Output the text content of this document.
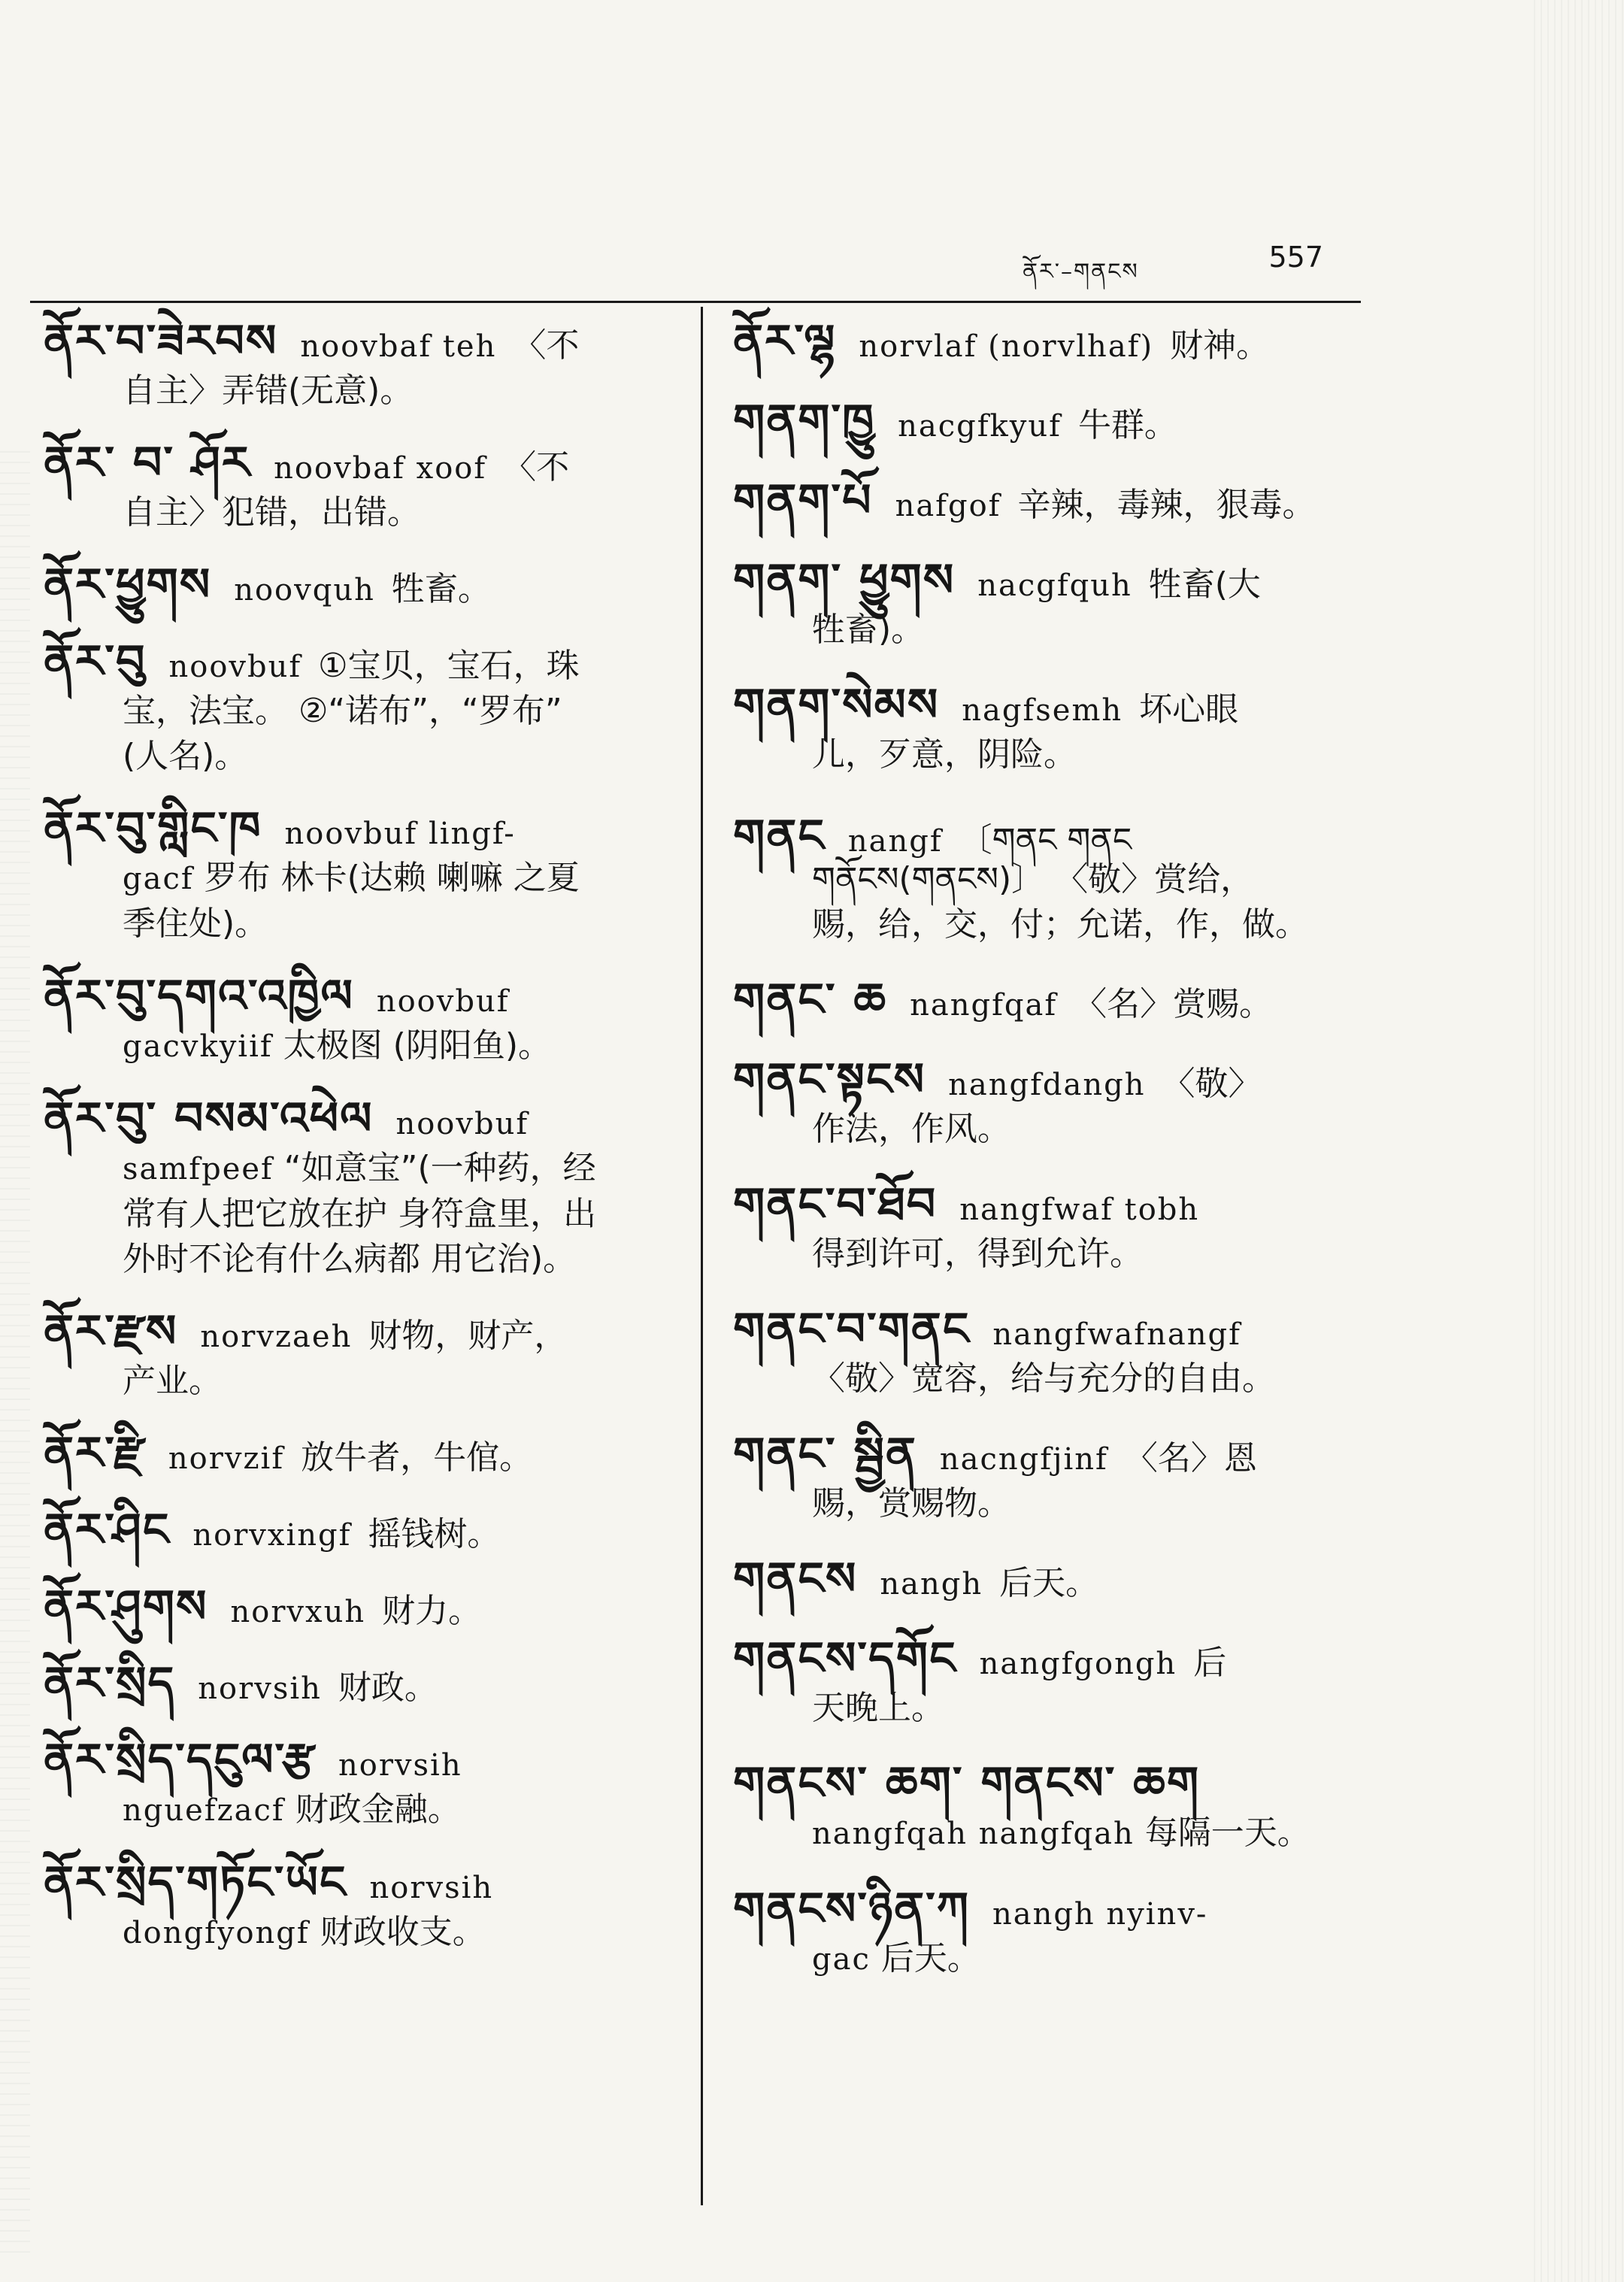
ནོར་–གནངས	557
ནོར་བ་ཟེརབས noovbaf teh 〈不
自主〉弄错(无意)。
ནོར་ བ་ ཤོར noovbaf xoof 〈不
自主〉犯错，出错。
ནོར་ཕྱུགས noovquh 牲畜。
ནོར་བུ noovbuf ①宝贝，宝石，珠
宝，法宝。 ②“诺布”，“罗布”
(人名)。
ནོར་བུ་གླིང་ཁ noovbuf lingf-
gacf 罗布 林卡(达赖 喇嘛 之夏
季住处)。
ནོར་བུ་དགའ་འཁྱིལ noovbuf
gacvkyiif 太极图 (阴阳鱼)。
ནོར་བུ་ བསམ་འཕེལ noovbuf
samfpeef “如意宝”(一种药，经
常有人把它放在护 身符盒里，出
外时不论有什么病都 用它治)。
ནོར་རྫས norvzaeh 财物，财产，
产业。
ནོར་རྫི norvzif 放牛者，牛倌。
ནོར་ཤིང norvxingf 摇钱树。
ནོར་ཤུགས norvxuh 财力。
ནོར་སྲིད norvsih 财政。
ནོར་སྲིད་དངུལ་རྩ norvsih
nguefzacf 财政金融。
ནོར་སྲིད་གཏོང་ཡོང norvsih
dongfyongf 财政收支。
ནོར་ལྷ norvlaf (norvlhaf) 财神。
གནག་ཁྱུ nacgfkyuf 牛群。
གནག་པོ nafgof 辛辣，毒辣，狠毒。
གནག་ ཕྱུགས nacgfquh 牲畜(大
牲畜)。
གནག་སེམས nagfsemh 坏心眼
儿，歹意，阴险。
གནང nangf 〔གནང གནང
གནོངས(གནངས)〕 〈敬〉赏给，
赐，给，交，付；允诺，作，做。
གནང་ ཆ nangfqaf 〈名〉赏赐。
གནང་སྟངས nangfdangh 〈敬〉
作法，作风。
གནང་བ་ཐོབ nangfwaf tobh
得到许可，得到允许。
གནང་བ་གནང nangfwafnangf
〈敬〉宽容，给与充分的自由。
གནང་ སྦྱིན nacngfjinf 〈名〉恩
赐，赏赐物。
གནངས nangh 后天。
གནངས་དགོང nangfgongh 后
天晚上。
གནངས་ ཆག་ གནངས་ ཆག
nangfqah nangfqah 每隔一天。
གནངས་ཉིན་ཀ nangh nyinv-
gac 后天。
